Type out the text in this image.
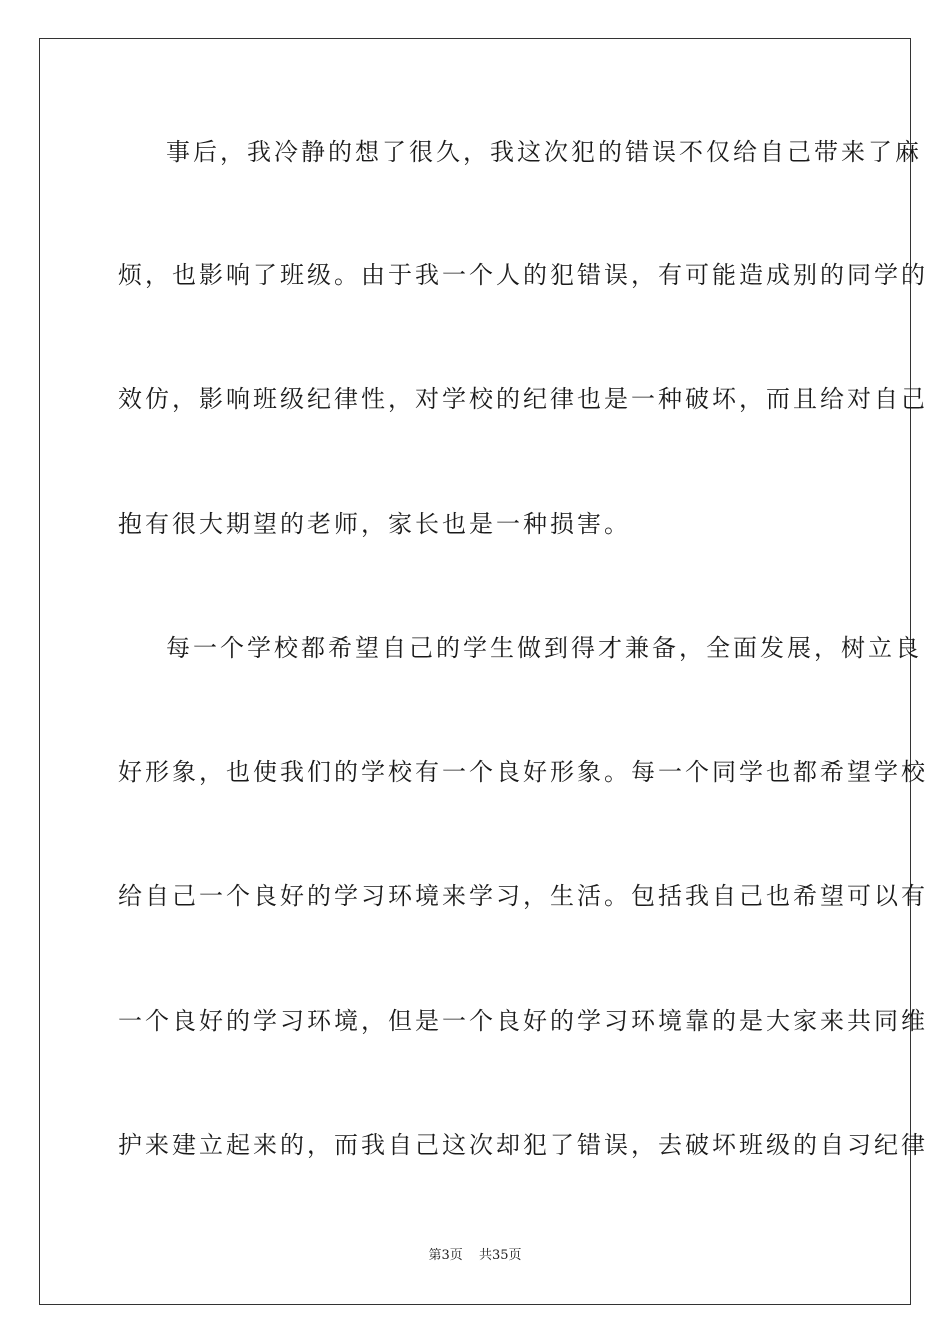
事后，我冷静的想了很久，我这次犯的错误不仅给自己带来了麻
烦，也影响了班级。由于我一个人的犯错误，有可能造成别的同学的
效仿，影响班级纪律性，对学校的纪律也是一种破坏，而且给对自己
抱有很大期望的老师，家长也是一种损害。
每一个学校都希望自己的学生做到得才兼备，全面发展，树立良
好形象，也使我们的学校有一个良好形象。每一个同学也都希望学校
给自己一个良好的学习环境来学习，生活。包括我自己也希望可以有
一个良好的学习环境，但是一个良好的学习环境靠的是大家来共同维
护来建立起来的，而我自己这次却犯了错误，去破坏班级的自习纪律
第3页 共35页
